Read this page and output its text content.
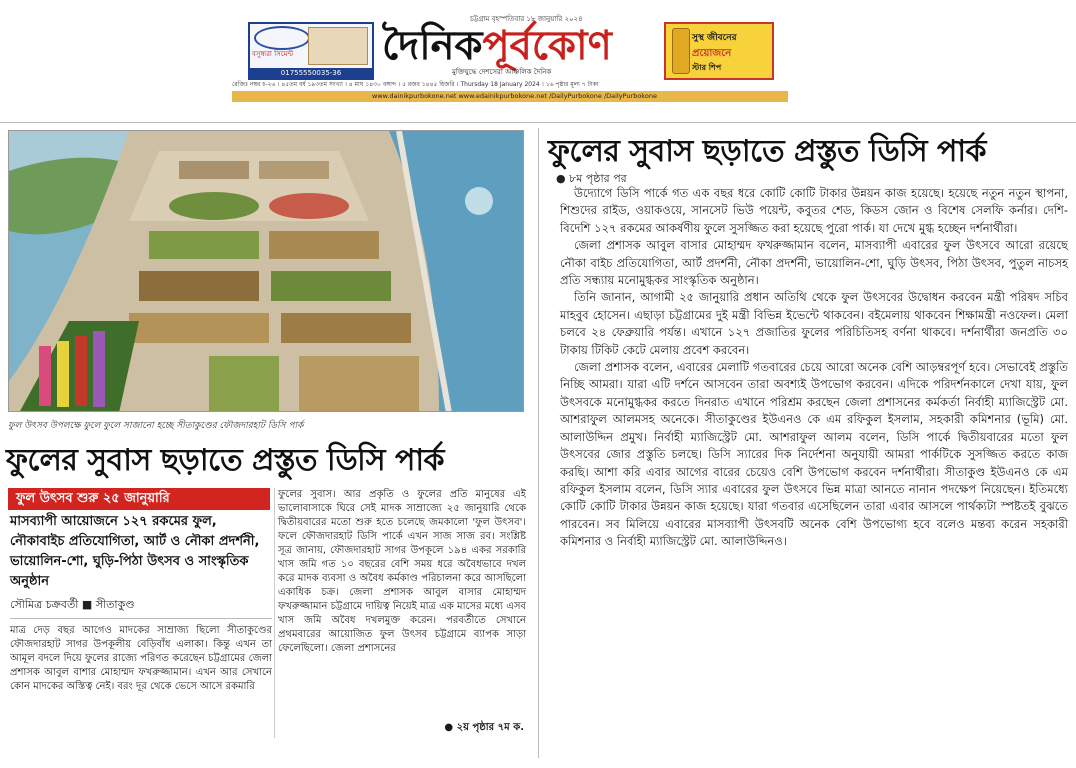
বসুন্ধরা সিমেন্ট
01755550035-36
চট্টগ্রাম বৃহস্পতিবার ১৮ জানুয়ারি ২০২৪
দৈনিকপূর্বকোণ
মুক্তিযুদ্ধে দেশসেরা আঞ্চলিক দৈনিক
সুস্থ জীবনের
প্রয়োজনে
স্টার শিপ
রেজিঃ নম্বর চ-২৬ । ৪৫তম বর্ষ ১৯৩তম সংখ্যা । ৪ মাঘ ১৪৩০ বঙ্গাব্দ । ৫ রজব ১৪৪৫ হিজরি । Thursday 18 January 2024 । ১৬ পৃষ্ঠার মূল্য ৭ টাকা
www.dainikpurbokone.net www.edainikpurbokone.net /DailyPurbokone /DailyPurbokone
ফুল উৎসব উপলক্ষে ফুলে ফুলে সাজানো হচ্ছে সীতাকুণ্ডের ফৌজদারহাট ডিসি পার্ক
ফুলের সুবাস ছড়াতে প্রস্তুত ডিসি পার্ক
ফুল উৎসব শুরু ২৫ জানুয়ারি
মাসব্যাপী আয়োজনে ১২৭ রকমের ফুল, নৌকাবাইচ প্রতিযোগিতা, আর্ট ও নৌকা প্রদর্শনী, ভায়োলিন-শো, ঘুড়ি-পিঠা উৎসব ও সাংস্কৃতিক অনুষ্ঠান
সৌমিত্র চক্রবর্তী ■ সীতাকুণ্ড
মাত্র দেড় বছর আগেও মাদকের সাম্রাজ্য ছিলো সীতাকুণ্ডের ফৌজদারহাট সাগর উপকূলীয় বেড়িবাঁধ এলাকা। কিন্তু এখন তা আমূল বদলে দিয়ে ফুলের রাজ্যে পরিণত করেছেন চট্টগ্রামের জেলা প্রশাসক আবুল বাশার মোহাম্মদ ফখরুজ্জামান। এখন আর সেখানে কোন মাদকের অস্তিত্ব নেই। বরং দূর থেকে ভেসে আসে রকমারি
ফুলের সুবাস। আর প্রকৃতি ও ফুলের প্রতি মানুষের এই ভালোবাসাকে ঘিরে সেই মাদক সাম্রাজ্যে ২৫ জানুয়ারি থেকে দ্বিতীয়বারের মতো শুরু হতে চলেছে জমকালো 'ফুল উৎসব'। ফলে ফৌজদারহাট ডিসি পার্কে এখন সাজ সাজ রব। সংশ্লিষ্ট সূত্র জানায়, ফৌজদারহাট সাগর উপকূলে ১৯৪ একর সরকারি খাস জমি গত ১০ বছরের বেশি সময় ধরে অবৈধভাবে দখল করে মাদক ব্যবসা ও অবৈধ কর্মকাণ্ড পরিচালনা করে আসছিলো একাধিক চক্র। জেলা প্রশাসক আবুল বাসার মোহাম্মদ ফখরুজ্জামান চট্টগ্রামে দায়িত্ব নিয়েই মাত্র এক মাসের মধ্যে এসব খাস জমি অবৈধ দখলমুক্ত করেন। পরবর্তীতে সেখানে প্রথমবারের আয়োজিত ফুল উৎসব চট্টগ্রামে ব্যাপক সাড়া ফেলেছিলো। জেলা প্রশাসনের
● ২য় পৃষ্ঠার ৭ম ক.
ফুলের সুবাস ছড়াতে প্রস্তুত ডিসি পার্ক
● ৮ম পৃষ্ঠার পর

উদ্যোগে ডিসি পার্কে গত এক বছর ধরে কোটি কোটি টাকার উন্নয়ন কাজ হয়েছে। হয়েছে নতুন নতুন স্থাপনা, শিশুদের রাইড, ওয়াকওয়ে, সানসেট ভিউ পয়েন্ট, কবুতর শেড, কিডস জোন ও বিশেষ সেলফি কর্নার। দেশি-বিদেশি ১২৭ রকমের আকর্ষণীয় ফুলে সুসজ্জিত করা হয়েছে পুরো পার্ক। যা দেখে মুগ্ধ হচ্ছেন দর্শনার্থীরা।

জেলা প্রশাসক আবুল বাসার মোহাম্মদ ফখরুজ্জামান বলেন, মাসব্যাপী এবারের ফুল উৎসবে আরো রয়েছে নৌকা বাইচ প্রতিযোগিতা, আর্ট প্রদর্শনী, নৌকা প্রদর্শনী, ভায়োলিন-শো, ঘুড়ি উৎসব, পিঠা উৎসব, পুতুল নাচসহ প্রতি সন্ধ্যায় মনোমুগ্ধকর সাংস্কৃতিক অনুষ্ঠান।

তিনি জানান, আগামী ২৫ জানুয়ারি প্রধান অতিথি থেকে ফুল উৎসবের উদ্বোধন করবেন মন্ত্রী পরিষদ সচিব মাহবুব হোসেন। এছাড়া চট্টগ্রামের দুই মন্ত্রী বিভিন্ন ইভেন্টে থাকবেন। বইমেলায় থাকবেন শিক্ষামন্ত্রী নওফেল। মেলা চলবে ২৪ ফেব্রুয়ারি পর্যন্ত। এখানে ১২৭ প্রজাতির ফুলের পরিচিতিসহ বর্ণনা থাকবে। দর্শনার্থীরা জনপ্রতি ৩০ টাকায় টিকিট কেটে মেলায় প্রবেশ করবেন।

জেলা প্রশাসক বলেন, এবারের মেলাটি গতবারের চেয়ে আরো অনেক বেশি আড়ম্বরপূর্ণ হবে। সেভাবেই প্রস্তুতি নিচ্ছি আমরা। যারা এটি দর্শনে আসবেন তারা অবশ্যই উপভোগ করবেন। এদিকে পরিদর্শনকালে দেখা যায়, ফুল উৎসবকে মনোমুগ্ধকর করতে দিনরাত এখানে পরিশ্রম করছেন জেলা প্রশাসনের কর্মকর্তা নির্বাহী ম্যাজিস্ট্রেট মো. আশরাফুল আলমসহ অনেকে। সীতাকুণ্ডের ইউএনও কে এম রফিকুল ইসলাম, সহকারী কমিশনার (ভূমি) মো. আলাউদ্দিন প্রমুখ। নির্বাহী ম্যাজিস্ট্রেট মো. আশরাফুল আলম বলেন, ডিসি পার্কে দ্বিতীয়বারের মতো ফুল উৎসবের জোর প্রস্তুতি চলছে। ডিসি স্যারের দিক নির্দেশনা অনুযায়ী আমরা পার্কটিকে সুসজ্জিত করতে কাজ করছি। আশা করি এবার আগের বারের চেয়েও বেশি উপভোগ করবেন দর্শনার্থীরা। সীতাকুণ্ড ইউএনও কে এম রফিকুল ইসলাম বলেন, ডিসি স্যার এবারের ফুল উৎসবে ভিন্ন মাত্রা আনতে নানান পদক্ষেপ নিয়েছেন। ইতিমধ্যে কোটি কোটি টাকার উন্নয়ন কাজ হয়েছে। যারা গতবার এসেছিলেন তারা এবার আসলে পার্থক্যটা স্পষ্টতই বুঝতে পারবেন। সব মিলিয়ে এবারের মাসব্যাপী উৎসবটি অনেক বেশি উপভোগ্য হবে বলেও মন্তব্য করেন সহকারী কমিশনার ও নির্বাহী ম্যাজিস্ট্রেট মো. আলাউদ্দিনও।
